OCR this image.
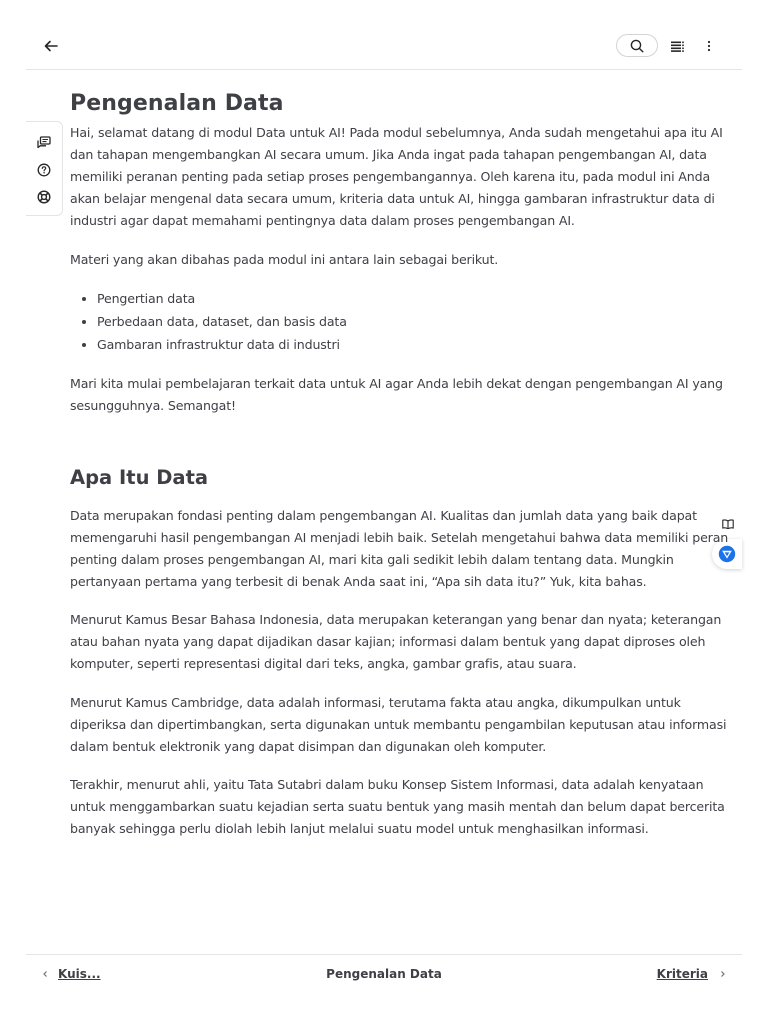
Pengenalan Data

Hai, selamat datang di modul Data untuk AI! Pada modul sebelumnya, Anda sudah mengetahui apa itu AI dan tahapan mengembangkan AI secara umum. Jika Anda ingat pada tahapan pengembangan AI, data memiliki peranan penting pada setiap proses pengembangannya. Oleh karena itu, pada modul ini Anda akan belajar mengenal data secara umum, kriteria data untuk AI, hingga gambaran infrastruktur data di industri agar dapat memahami pentingnya data dalam proses pengembangan AI.

Materi yang akan dibahas pada modul ini antara lain sebagai berikut.

• Pengertian data
• Perbedaan data, dataset, dan basis data
• Gambaran infrastruktur data di industri

Mari kita mulai pembelajaran terkait data untuk AI agar Anda lebih dekat dengan pengembangan AI yang sesungguhnya. Semangat!

Apa Itu Data

Data merupakan fondasi penting dalam pengembangan AI. Kualitas dan jumlah data yang baik dapat memengaruhi hasil pengembangan AI menjadi lebih baik. Setelah mengetahui bahwa data memiliki peran penting dalam proses pengembangan AI, mari kita gali sedikit lebih dalam tentang data. Mungkin pertanyaan pertama yang terbesit di benak Anda saat ini, “Apa sih data itu?” Yuk, kita bahas.

Menurut Kamus Besar Bahasa Indonesia, data merupakan keterangan yang benar dan nyata; keterangan atau bahan nyata yang dapat dijadikan dasar kajian; informasi dalam bentuk yang dapat diproses oleh komputer, seperti representasi digital dari teks, angka, gambar grafis, atau suara.

Menurut Kamus Cambridge, data adalah informasi, terutama fakta atau angka, dikumpulkan untuk diperiksa dan dipertimbangkan, serta digunakan untuk membantu pengambilan keputusan atau informasi dalam bentuk elektronik yang dapat disimpan dan digunakan oleh komputer.

Terakhir, menurut ahli, yaitu Tata Sutabri dalam buku Konsep Sistem Informasi, data adalah kenyataan untuk menggambarkan suatu kejadian serta suatu bentuk yang masih mentah dan belum dapat bercerita banyak sehingga perlu diolah lebih lanjut melalui suatu model untuk menghasilkan informasi.

Pengenalan Data
Kuis...	Kriteria
